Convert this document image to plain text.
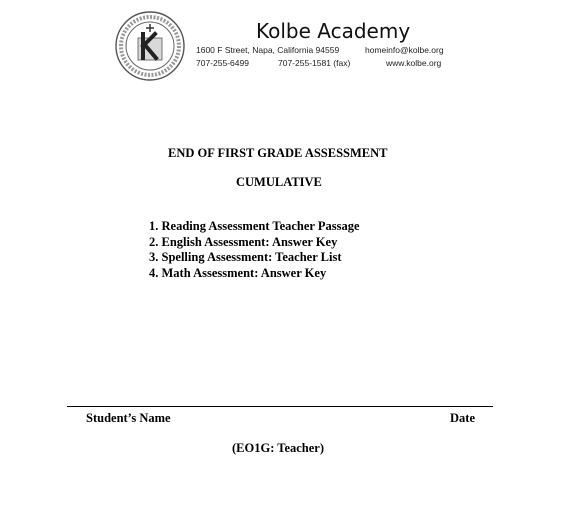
Kolbe Academy
1600 F Street, Napa, California 94559	homeinfo@kolbe.org
707-255-6499	707-255-1581 (fax)	www.kolbe.org
END OF FIRST GRADE ASSESSMENT
CUMULATIVE
1. Reading Assessment Teacher Passage
2. English Assessment: Answer Key
3. Spelling Assessment: Teacher List
4. Math Assessment: Answer Key
Student’s Name	Date
(EO1G: Teacher)
